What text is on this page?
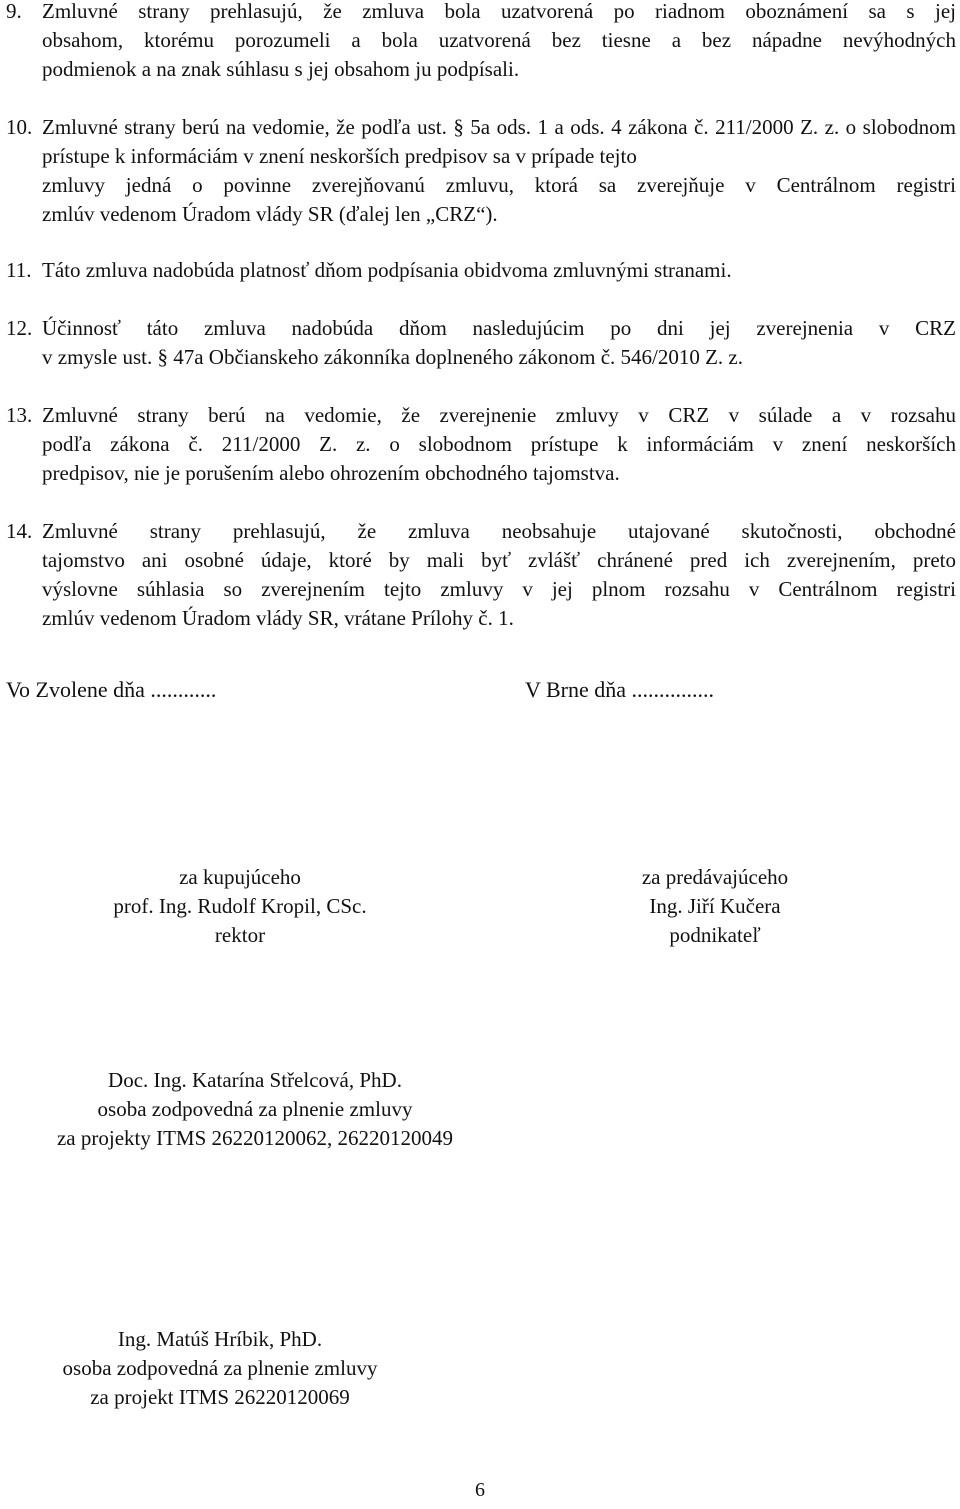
9. Zmluvné strany prehlasujú, že zmluva bola uzatvorená po riadnom oboznámení sa s jej
obsahom, ktorému porozumeli a bola uzatvorená bez tiesne a bez nápadne nevýhodných
podmienok a na znak súhlasu s jej obsahom ju podpísali.
10. Zmluvné strany berú na vedomie, že podľa ust. § 5a ods. 1 a ods. 4 zákona č. 211/2000 Z. z. o slobodnom prístupe k informáciám v znení neskorších predpisov sa v prípade tejto
zmluvy jedná o povinne zverejňovanú zmluvu, ktorá sa zverejňuje v Centrálnom registri
zmlúv vedenom Úradom vlády SR (ďalej len „CRZ“).
11. Táto zmluva nadobúda platnosť dňom podpísania obidvoma zmluvnými stranami.
12. Účinnosť táto zmluva nadobúda dňom nasledujúcim po dni jej zverejnenia v CRZ
v zmysle ust. § 47a Občianskeho zákonníka doplneného zákonom č. 546/2010 Z. z.
13. Zmluvné strany berú na vedomie, že zverejnenie zmluvy v CRZ v súlade a v rozsahu
podľa zákona č. 211/2000 Z. z. o slobodnom prístupe k informáciám v znení neskorších
predpisov, nie je porušením alebo ohrozením obchodného tajomstva.
14. Zmluvné strany prehlasujú, že zmluva neobsahuje utajované skutočnosti, obchodné
tajomstvo ani osobné údaje, ktoré by mali byť zvlášť chránené pred ich zverejnením, preto
výslovne súhlasia so zverejnením tejto zmluvy v jej plnom rozsahu v Centrálnom registri
zmlúv vedenom Úradom vlády SR, vrátane Prílohy č. 1.
Vo Zvolene dňa ............	V Brne dňa ...............
za kupujúceho
prof. Ing. Rudolf Kropil, CSc.
rektor
za predávajúceho
Ing. Jiří Kučera
podnikateľ
Doc. Ing. Katarína Střelcová, PhD.
osoba zodpovedná za plnenie zmluvy
za projekty ITMS 26220120062, 26220120049
Ing. Matúš Hríbik, PhD.
osoba zodpovedná za plnenie zmluvy
za projekt ITMS 26220120069
6
